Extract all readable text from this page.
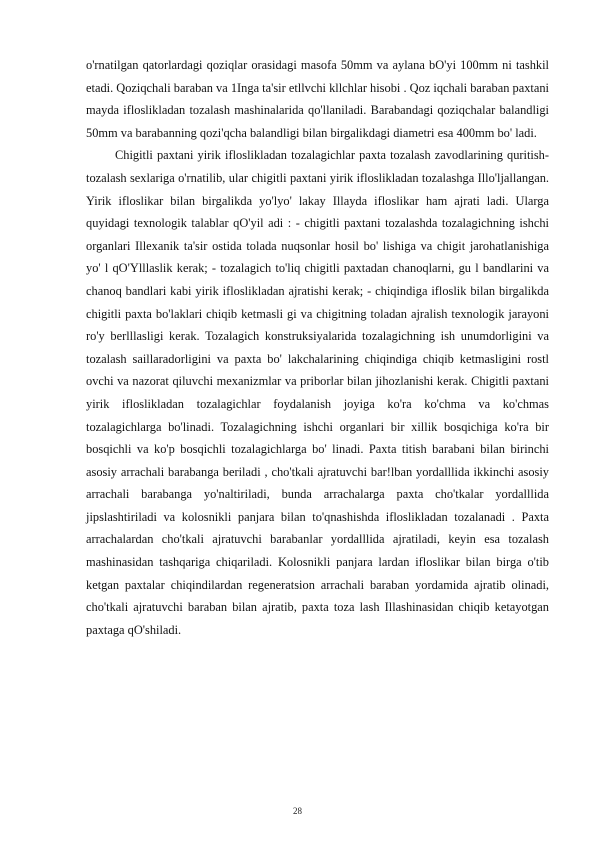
o'rnatilgan qatorlardagi qoziqlar orasidagi masofa 50mm va aylana bO'yi 100mm ni tashkil etadi. Qoziqchali baraban va 1Inga ta'sir etllvchi kllchlar hisobi . Qoz iqchali baraban paxtani mayda ifloslikladan tozalash mashinalarida qo'llaniladi. Barabandagi qoziqchalar balandligi 50mm va barabanning qozi'qcha balandligi bilan birgalikdagi diametri esa 400mm bo' ladi.

Chigitli paxtani yirik ifloslikladan tozalagichlar paxta tozalash zavodlarining quritish-tozalash sexlariga o'rnatilib, ular chigitli paxtani yirik ifloslikladan tozalashga Illo'ljallangan. Yirik ifloslikar bilan birgalikda yo'lyo' lakay Illayda ifloslikar ham ajrati ladi. Ularga quyidagi texnologik talablar qO'yil adi : - chigitli paxtani tozalashda tozalagichning ishchi organlari Illexanik ta'sir ostida tolada nuqsonlar hosil bo' lishiga va chigit jarohatlanishiga yo' l qO'Ylllaslik kerak; - tozalagich to'liq chigitli paxtadan chanoqlarni, gu l bandlarini va chanoq bandlari kabi yirik ifloslikladan ajratishi kerak; - chiqindiga ifloslik bilan birgalikda chigitli paxta bo'laklari chiqib ketmasli gi va chigitning toladan ajralish texnologik jarayoni ro'y berlllasligi kerak. Tozalagich konstruksiyalarida tozalagichning ish unumdorligini va tozalash saillaradorligini va paxta bo' lakchalarining chiqindiga chiqib ketmasligini rostl ovchi va nazorat qiluvchi mexanizmlar va priborlar bilan jihozlanishi kerak. Chigitli paxtani yirik ifloslikladan tozalagichlar foydalanish joyiga ko'ra ko'chma va ko'chmas tozalagichlarga bo'linadi. Tozalagichning ishchi organlari bir xillik bosqichiga ko'ra bir bosqichli va ko'p bosqichli tozalagichlarga bo' linadi. Paxta titish barabani bilan birinchi asosiy arrachali barabanga beriladi , cho'tkali ajratuvchi bar!lban yordalllida ikkinchi asosiy arrachali barabanga yo'naltiriladi, bunda arrachalarga paxta cho'tkalar yordalllida jipslashtiriladi va kolosnikli panjara bilan to'qnashishda ifloslikladan tozalanadi . Paxta arrachalardan cho'tkali ajratuvchi barabanlar yordalllida ajratiladi, keyin esa tozalash mashinasidan tashqariga chiqariladi. Kolosnikli panjara lardan ifloslikar bilan birga o'tib ketgan paxtalar chiqindilardan regeneratsion arrachali baraban yordamida ajratib olinadi, cho'tkali ajratuvchi baraban bilan ajratib, paxta toza lash Illashinasidan chiqib ketayotgan paxtaga qO'shiladi.

28
